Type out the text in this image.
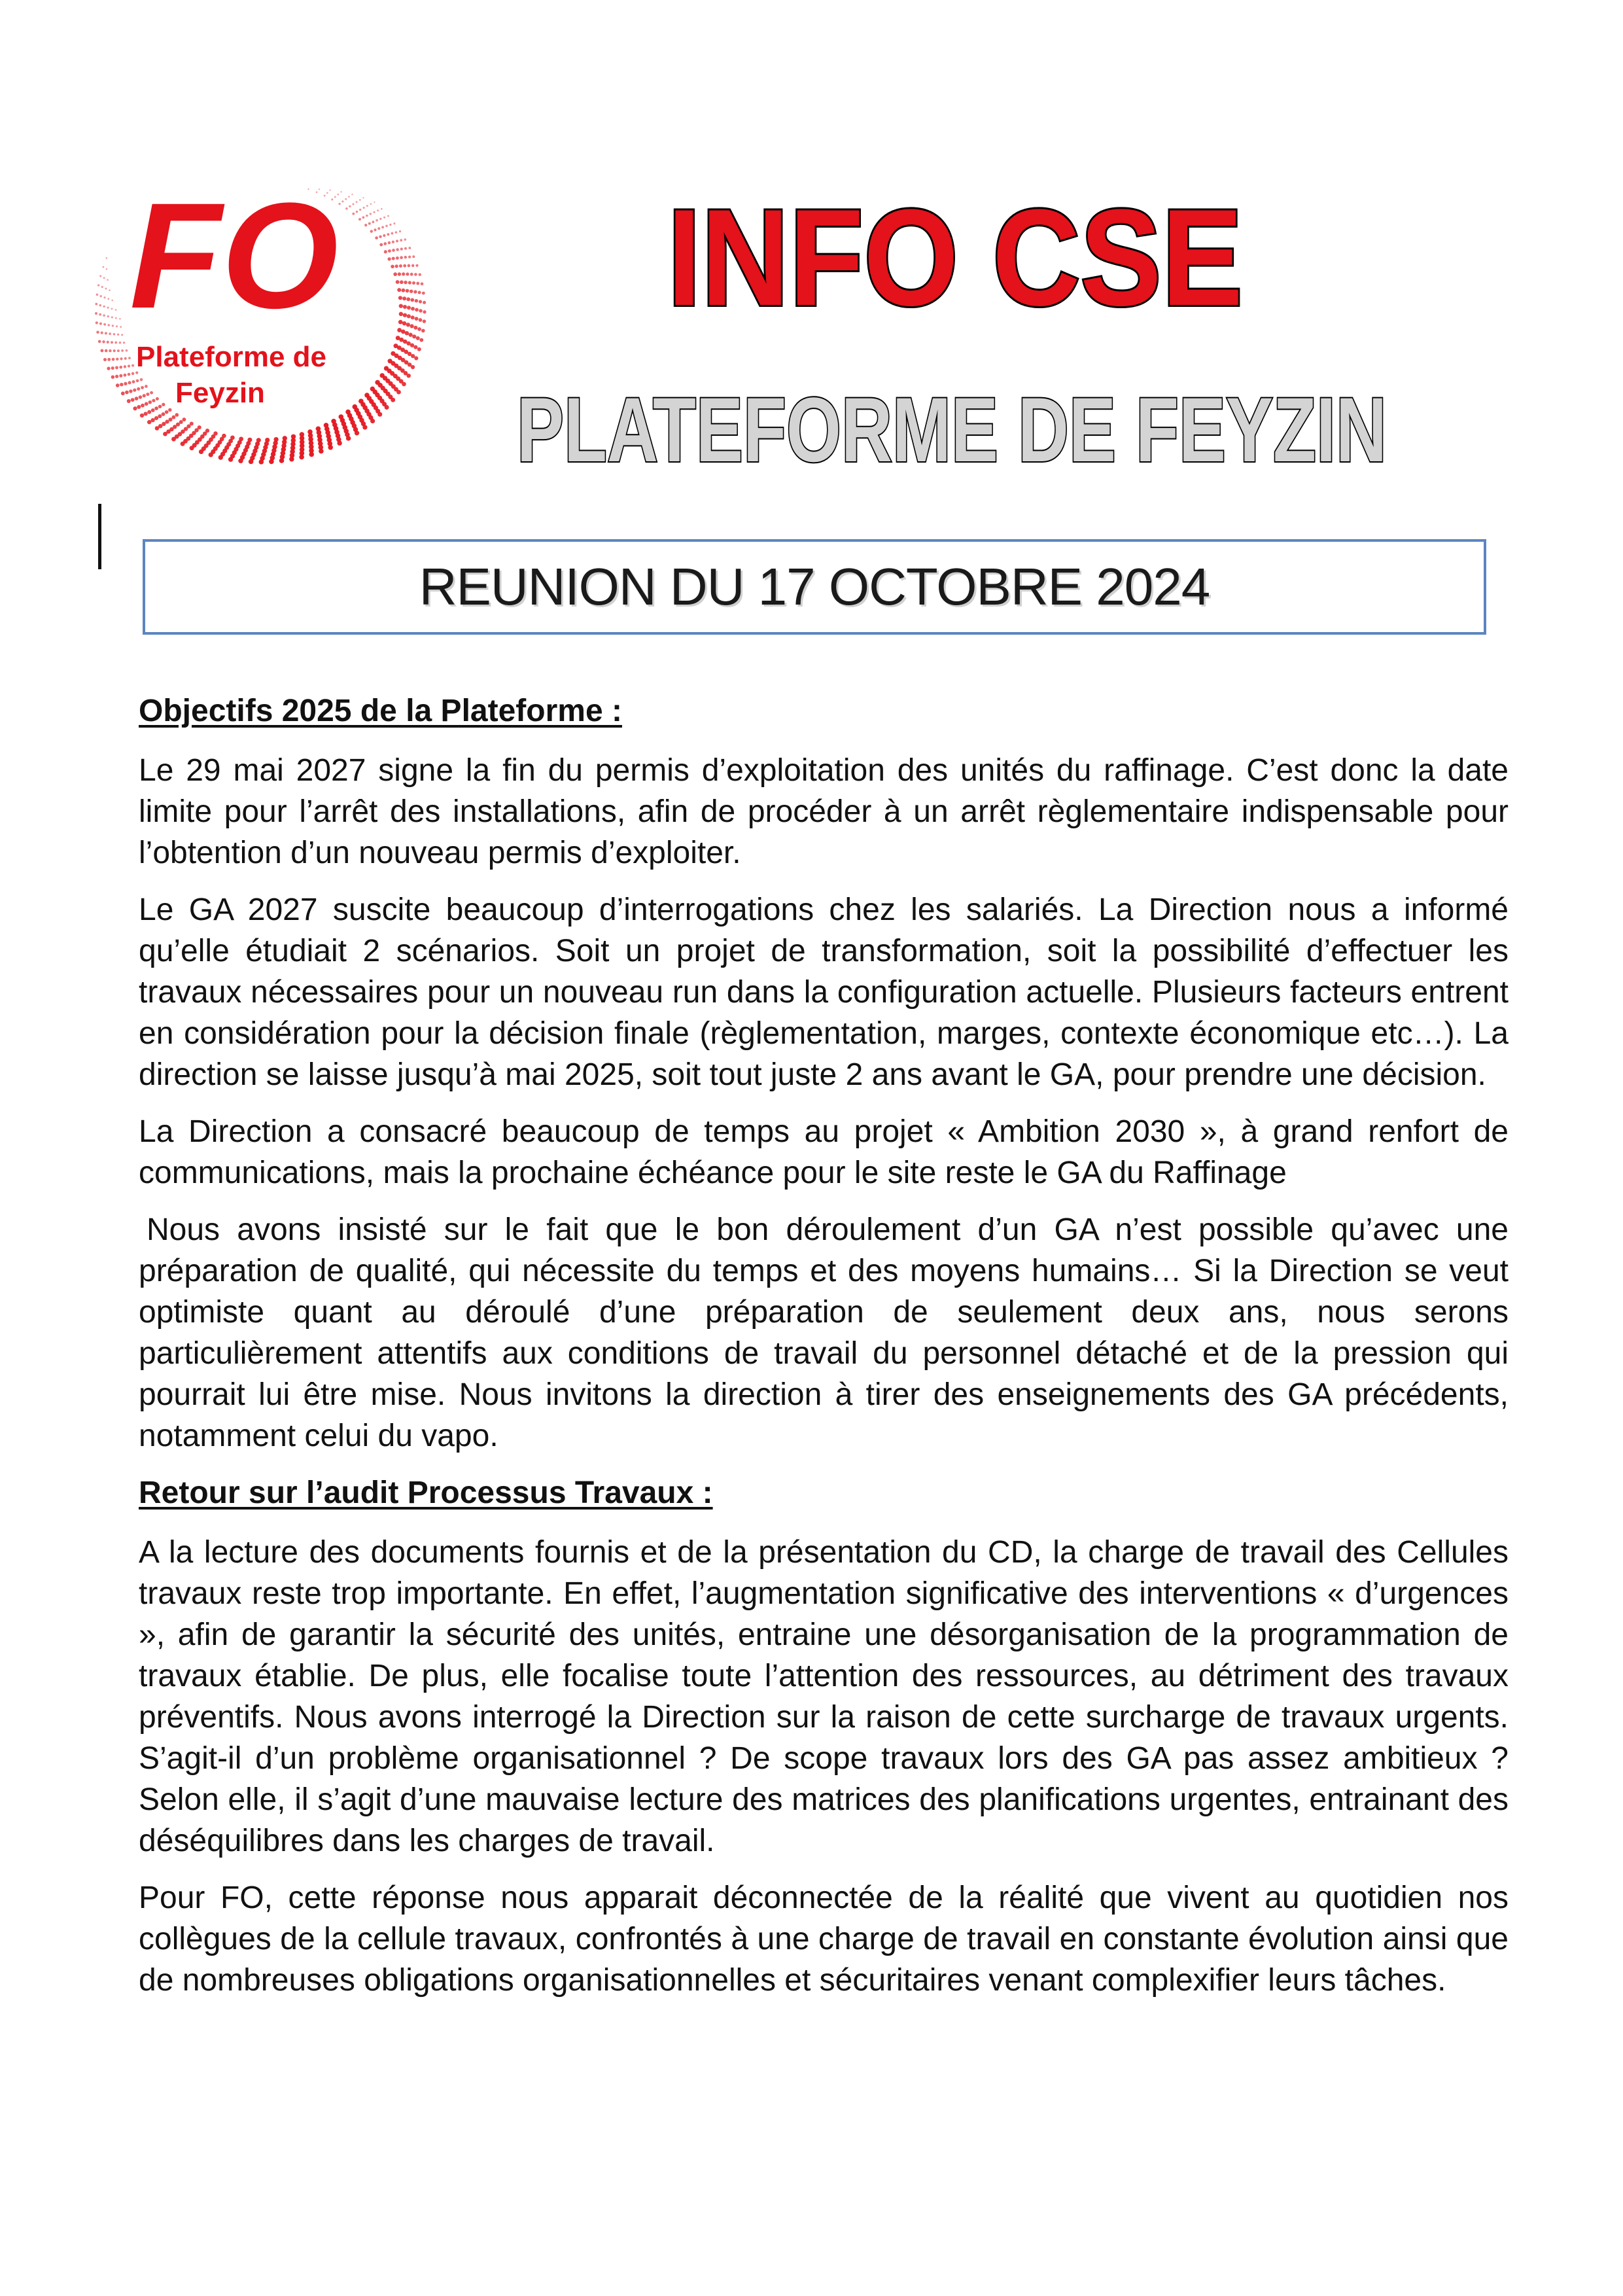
FO
Plateforme de
Feyzin
INFO CSE
PLATEFORME DE FEYZIN
REUNION DU 17 OCTOBRE 2024
Objectifs 2025 de la Plateforme :

Le 29 mai 2027 signe la fin du permis d’exploitation des unités du raffinage. C’est donc la date limite pour l’arrêt des installations, afin de procéder à un arrêt règlementaire indispensable pour l’obtention d’un nouveau permis d’exploiter.

Le GA 2027 suscite beaucoup d’interrogations chez les salariés. La Direction nous a informé qu’elle étudiait 2 scénarios. Soit un projet de transformation, soit la possibilité d’effectuer les travaux nécessaires pour un nouveau run dans la configuration actuelle. Plusieurs facteurs entrent en considération pour la décision finale (règlementation, marges, contexte économique etc…). La direction se laisse jusqu’à mai 2025, soit tout juste 2 ans avant le GA, pour prendre une décision.

La Direction a consacré beaucoup de temps au projet « Ambition 2030 », à grand renfort de communications, mais la prochaine échéance pour le site reste le GA du Raffinage

Nous avons insisté sur le fait que le bon déroulement d’un GA n’est possible qu’avec une préparation de qualité, qui nécessite du temps et des moyens humains… Si la Direction se veut optimiste quant au déroulé d’une préparation de seulement deux ans, nous serons particulièrement attentifs aux conditions de travail du personnel détaché et de la pression qui pourrait lui être mise. Nous invitons la direction à tirer des enseignements des GA précédents, notamment celui du vapo.

Retour sur l’audit Processus Travaux :

A la lecture des documents fournis et de la présentation du CD, la charge de travail des Cellules travaux reste trop importante. En effet, l’augmentation significative des interventions « d’urgences », afin de garantir la sécurité des unités, entraine une désorganisation de la programmation de travaux établie. De plus, elle focalise toute l’attention des ressources, au détriment des travaux préventifs. Nous avons interrogé la Direction sur la raison de cette surcharge de travaux urgents. S’agit-il d’un problème organisationnel ? De scope travaux lors des GA pas assez ambitieux ? Selon elle, il s’agit d’une mauvaise lecture des matrices des planifications urgentes, entrainant des déséquilibres dans les charges de travail.

Pour FO, cette réponse nous apparait déconnectée de la réalité que vivent au quotidien nos collègues de la cellule travaux, confrontés à une charge de travail en constante évolution ainsi que de nombreuses obligations organisationnelles et sécuritaires venant complexifier leurs tâches.
